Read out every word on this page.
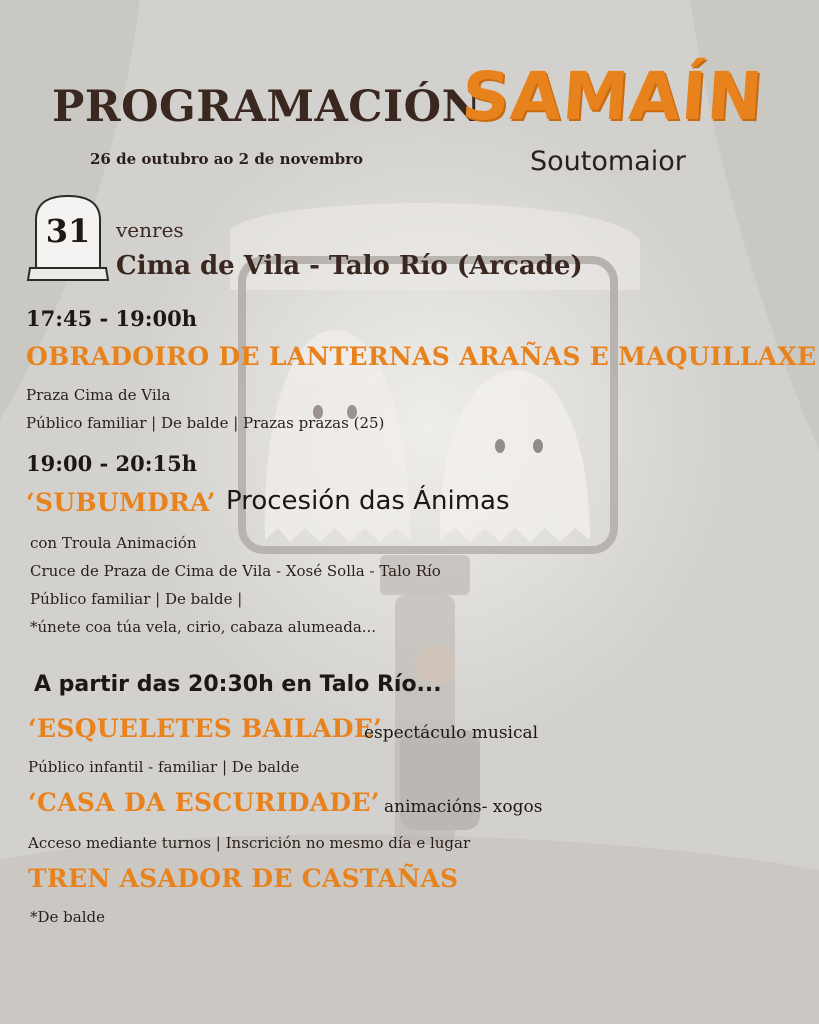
PROGRAMACIÓN
SAMAÍN
Soutomaior
26 de outubro ao 2 de novembro
31	venres
Cima de Vila - Talo Río (Arcade)
17:45 - 19:00h
OBRADOIRO DE LANTERNAS ARAÑAS E MAQUILLAXE
Praza Cima de Vila
Público familiar | De balde | Prazas prazas (25)
19:00 - 20:15h
‘SUBUMDRA’ Procesión das Ánimas
con Troula Animación
Cruce de Praza de Cima de Vila - Xosé Solla - Talo Río
Público familiar | De balde |
*únete coa túa vela, cirio, cabaza alumeada...
A partir das 20:30h en Talo Río...
‘ESQUELETES BAILADE’
espectáculo musical
Público infantil - familiar | De balde
‘CASA DA ESCURIDADE’ animacións- xogos
Acceso mediante turnos | Inscrición no mesmo día e lugar
TREN ASADOR DE CASTAÑAS
*De balde
